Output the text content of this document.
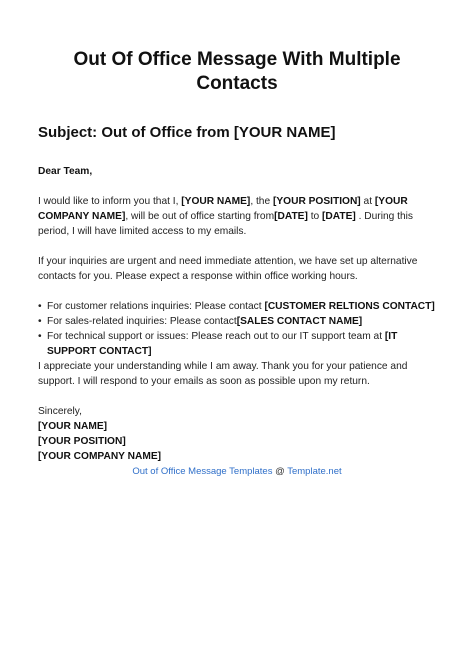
Out Of Office Message With Multiple Contacts
Subject: Out of Office from [YOUR NAME]

Dear Team,

I would like to inform you that I, [YOUR NAME], the [YOUR POSITION] at [YOUR COMPANY NAME], will be out of office starting from[DATE] to [DATE] . During this period, I will have limited access to my emails.

If your inquiries are urgent and need immediate attention, we have set up alternative contacts for you. Please expect a response within office working hours.

• For customer relations inquiries: Please contact [CUSTOMER RELTIONS CONTACT]
• For sales-related inquiries: Please contact[SALES CONTACT NAME]
• For technical support or issues: Please reach out to our IT support team at [IT SUPPORT CONTACT]

I appreciate your understanding while I am away. Thank you for your patience and support. I will respond to your emails as soon as possible upon my return.

Sincerely,

[YOUR NAME]

[YOUR POSITION]

[YOUR COMPANY NAME]

Out of Office Message Templates @ Template.net
